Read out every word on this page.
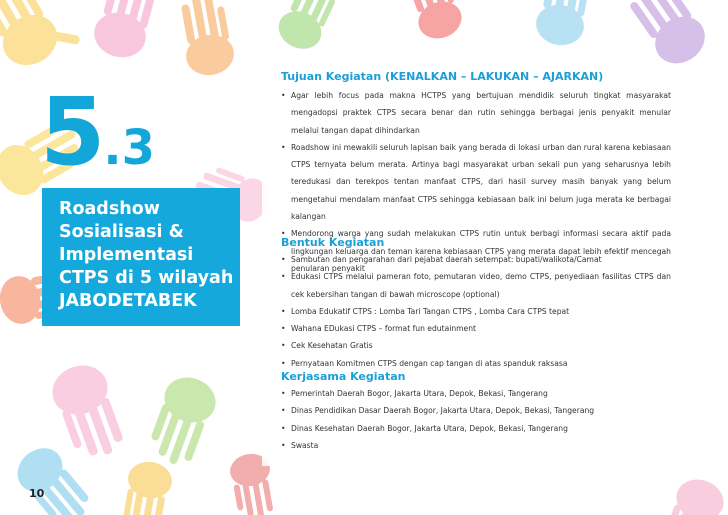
5.3
Roadshow
Sosialisasi &
Implementasi
CTPS di 5 wilayah
JABODETABEK
10
Tujuan Kegiatan (KENALKAN – LAKUKAN – AJARKAN)
• Agar lebih focus pada makna HCTPS yang bertujuan mendidik seluruh tingkat masyarakat mengadopsi praktek CTPS secara benar dan rutin sehingga berbagai jenis penyakit menular melalui tangan dapat dihindarkan
• Roadshow ini mewakili seluruh lapisan baik yang berada di lokasi urban dan rural karena kebiasaan CTPS ternyata belum merata. Artinya bagi masyarakat urban sekali pun yang seharusnya lebih teredukasi dan terekpos tentan manfaat CTPS, dari hasil survey masih banyak yang belum mengetahui mendalam manfaat CTPS sehingga kebiasaan baik ini belum juga merata ke berbagai kalangan
• Mendorong warga yang sudah melakukan CTPS rutin untuk berbagi informasi secara aktif pada lingkungan keluarga dan teman karena kebiasaan CTPS yang merata dapat lebih efektif mencegah penularan penyakit
Bentuk Kegiatan
• Sambutan dan pengarahan dari pejabat daerah setempat: bupati/walikota/Camat
• Edukasi CTPS melalui pameran foto, pemutaran video, demo CTPS, penyediaan fasilitas CTPS dan cek kebersihan tangan di bawah microscope (optional)
• Lomba Edukatif CTPS : Lomba Tari Tangan CTPS , Lomba Cara CTPS tepat
• Wahana EDukasi CTPS – format fun edutainment
• Cek Kesehatan Gratis
• Pernyataan Komitmen CTPS dengan cap tangan di atas spanduk raksasa
Kerjasama Kegiatan
• Pemerintah Daerah Bogor, Jakarta Utara, Depok, Bekasi, Tangerang
• Dinas Pendidikan Dasar Daerah Bogor, Jakarta Utara, Depok, Bekasi, Tangerang
• Dinas Kesehatan Daerah Bogor, Jakarta Utara, Depok, Bekasi, Tangerang
• Swasta
